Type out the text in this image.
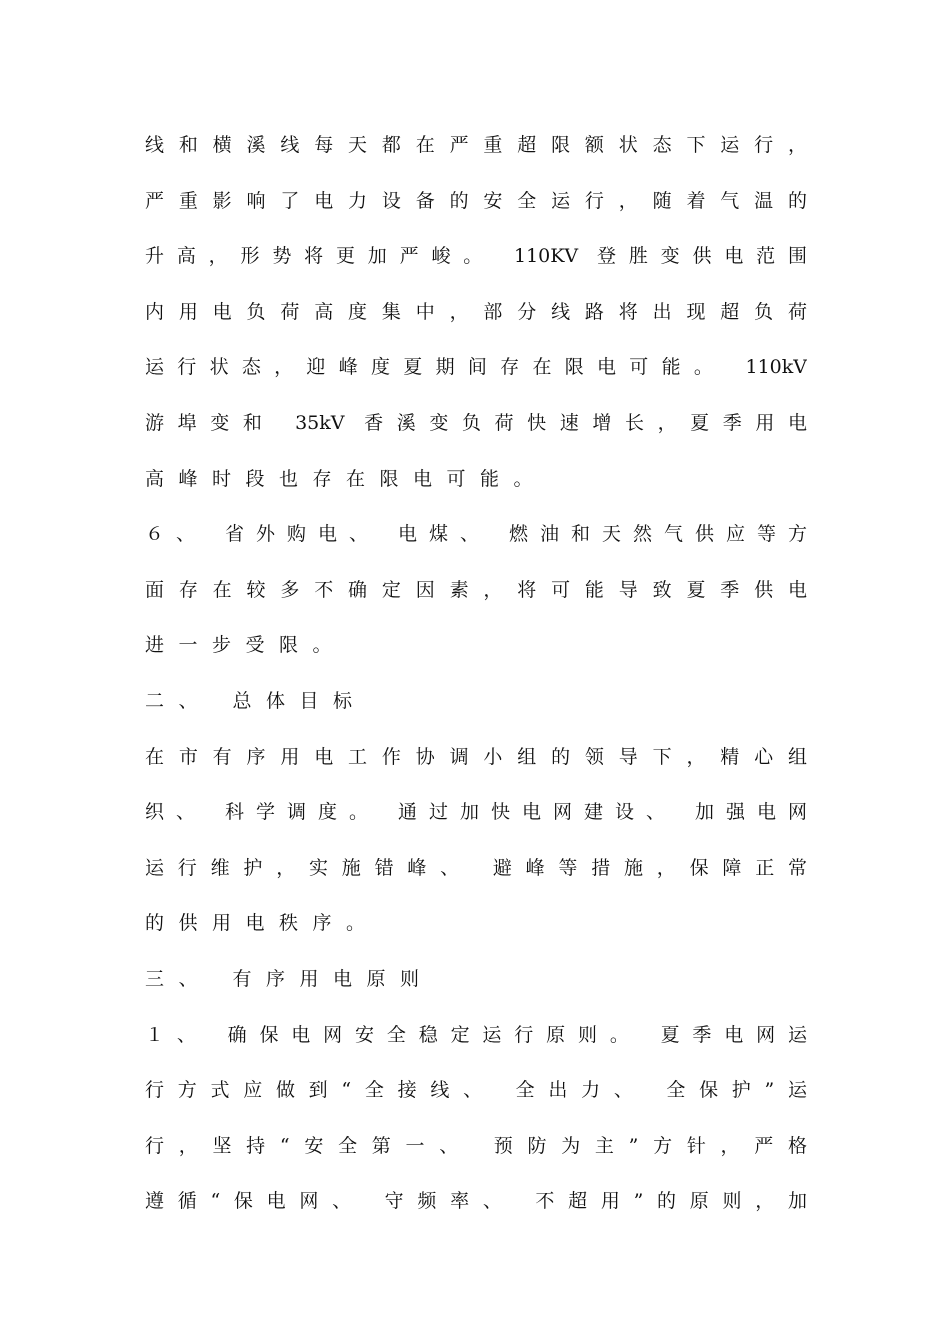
线和横溪线每天都在严重超限额状态下运行，
严重影响了电力设备的安全运行，随着气温的
升高，形势将更加严峻。 110KV 登胜变供电范围
内用电负荷高度集中，部分线路将出现超负荷
运行状态，迎峰度夏期间存在限电可能。 110kV
游埠变和 35kV 香溪变负荷快速增长，夏季用电
高峰时段也存在限电可能。
６、 省外购电、 电煤、 燃油和天然气供应等方
面存在较多不确定因素，将可能导致夏季供电
进一步受限。
二、 总体目标
在市有序用电工作协调小组的领导下，精心组
织、 科学调度。 通过加快电网建设、 加强电网
运行维护，实施错峰、 避峰等措施，保障正常
的供用电秩序。
三、 有序用电原则
１、 确保电网安全稳定运行原则。 夏季电网运
行方式应做到“全接线、 全出力、 全保护”运
行，坚持“安全第一、 预防为主”方针，严格
遵循“保电网、 守频率、 不超用”的原则，加
